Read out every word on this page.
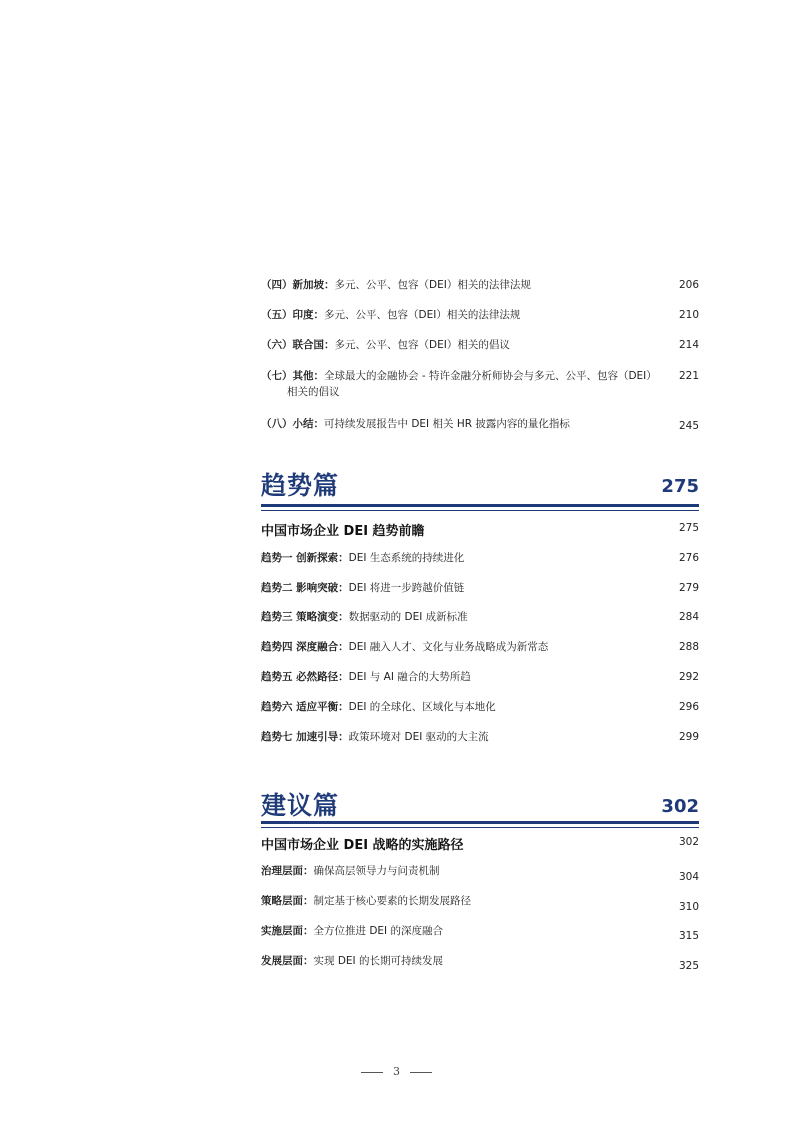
（四）新加坡：多元、公平、包容（DEI）相关的法律法规	206
（五）印度：多元、公平、包容（DEI）相关的法律法规	210
（六）联合国：多元、公平、包容（DEI）相关的倡议	214
（七）其他：全球最大的金融协会 - 特许金融分析师协会与多元、公平、包容（DEI）
相关的倡议
221
（八）小结：可持续发展报告中 DEI 相关 HR 披露内容的量化指标	245
趋势篇	275
中国市场企业 DEI 趋势前瞻	275
趋势一 创新探索：DEI 生态系统的持续进化	276
趋势二 影响突破：DEI 将进一步跨越价值链	279
趋势三 策略演变：数据驱动的 DEI 成新标准	284
趋势四 深度融合：DEI 融入人才、文化与业务战略成为新常态	288
趋势五 必然路径：DEI 与 AI 融合的大势所趋	292
趋势六 适应平衡：DEI 的全球化、区域化与本地化	296
趋势七 加速引导：政策环境对 DEI 驱动的大主流	299
建议篇	302
中国市场企业 DEI 战略的实施路径	302
治理层面：确保高层领导力与问责机制	304
策略层面：制定基于核心要素的长期发展路径	310
实施层面：全方位推进 DEI 的深度融合	315
发展层面：实现 DEI 的长期可持续发展	325
3
